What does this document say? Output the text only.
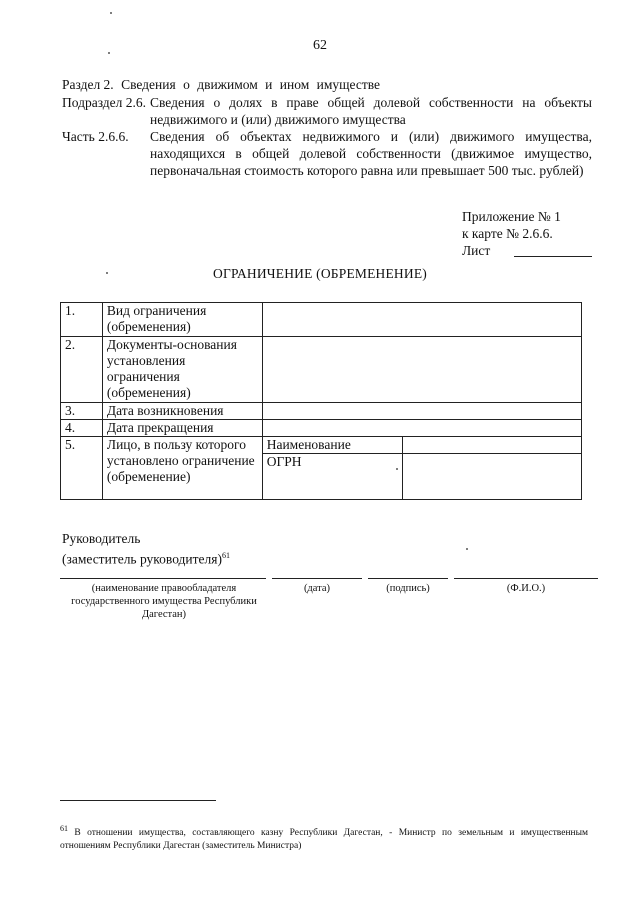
62
Раздел 2. Сведения о движимом и ином имуществе
Подраздел 2.6. Сведения о долях в праве общей долевой собственности на объекты недвижимого и (или) движимого имущества
Часть 2.6.6.	Сведения об объектах недвижимого и (или) движимого имущества, находящихся в общей долевой собственности (движимое имущество, первоначальная стоимость которого равна или превышает 500 тыс. рублей)
Приложение № 1
к карте № 2.6.6.
Лист
ОГРАНИЧЕНИЕ (ОБРЕМЕНЕНИЕ)
1.	Вид ограничения (обременения)		
2.	Документы-основания установления ограничения (обременения)		
3.	Дата возникновения		
4.	Дата прекращения		
5.	Лицо, в пользу которого установлено ограничение (обременение)	Наименование	
		ОГРН	
Руководитель
(заместитель руководителя)$^{61}$
(наименование правообладателя государственного имущества Республики Дагестан)
(дата)	(подпись)	(Ф.И.О.)
$^{61}$ В отношении имущества, составляющего казну Республики Дагестан, - Министр по земельным и имущественным отношениям Республики Дагестан (заместитель Министра)
